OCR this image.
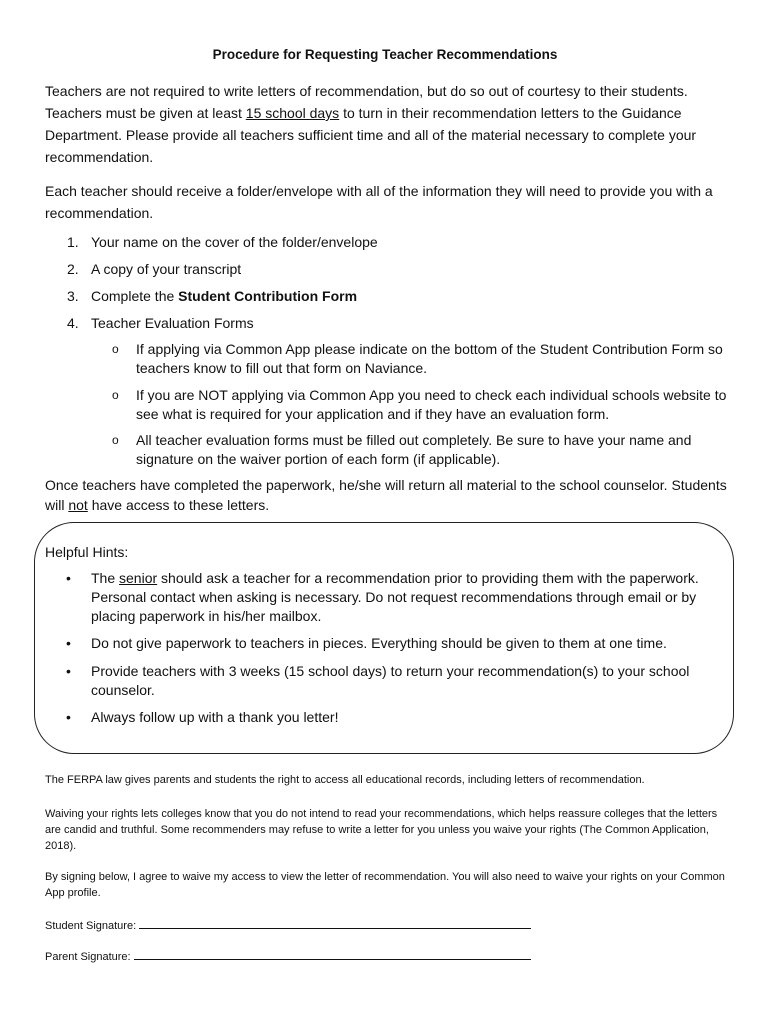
Procedure for Requesting Teacher Recommendations

Teachers are not required to write letters of recommendation, but do so out of courtesy to their students. Teachers must be given at least 15 school days to turn in their recommendation letters to the Guidance Department. Please provide all teachers sufficient time and all of the material necessary to complete your recommendation.

Each teacher should receive a folder/envelope with all of the information they will need to provide you with a recommendation.

1. Your name on the cover of the folder/envelope
2. A copy of your transcript
3. Complete the Student Contribution Form
4. Teacher Evaluation Forms
o If applying via Common App please indicate on the bottom of the Student Contribution Form so teachers know to fill out that form on Naviance.
o If you are NOT applying via Common App you need to check each individual schools website to see what is required for your application and if they have an evaluation form.
o All teacher evaluation forms must be filled out completely. Be sure to have your name and signature on the waiver portion of each form (if applicable).

Once teachers have completed the paperwork, he/she will return all material to the school counselor. Students will not have access to these letters.

Helpful Hints:
• The senior should ask a teacher for a recommendation prior to providing them with the paperwork. Personal contact when asking is necessary. Do not request recommendations through email or by placing paperwork in his/her mailbox.
• Do not give paperwork to teachers in pieces. Everything should be given to them at one time.
• Provide teachers with 3 weeks (15 school days) to return your recommendation(s) to your school counselor.
• Always follow up with a thank you letter!

The FERPA law gives parents and students the right to access all educational records, including letters of recommendation.

Waiving your rights lets colleges know that you do not intend to read your recommendations, which helps reassure colleges that the letters are candid and truthful. Some recommenders may refuse to write a letter for you unless you waive your rights (The Common Application, 2018).

By signing below, I agree to waive my access to view the letter of recommendation. You will also need to waive your rights on your Common App profile.

Student Signature:
Parent Signature:
